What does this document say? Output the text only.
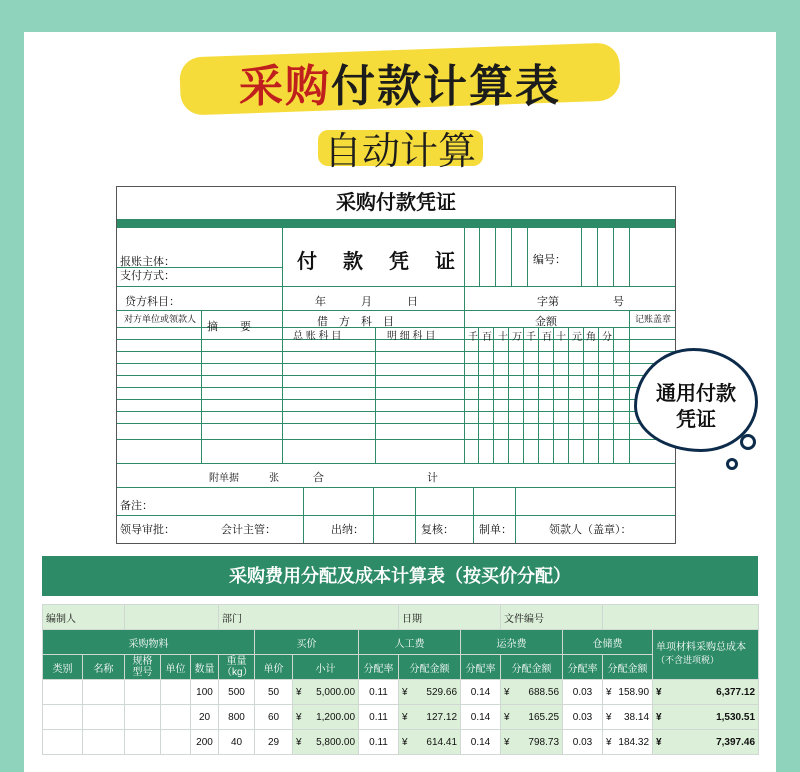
采购付款计算表
自动计算
采购付款凭证
报账主体：
支付方式：
付款凭证	编号：
贷方科目：	年	月	日	字第	号
对方单位或领款人
摘　　要	借　方　科　目
总 账 科 目	明 细 科 目
金额	记账盖章
千 百 十 万 千 百 十 元 角 分
附单据	张	合	计
备注：
领导审批：	会计主管：	出纳：	复核： 制单：	领款人（盖章）：
通用付款
凭证
采购费用分配及成本计算表（按买价分配）
编制人					部门				日期		文件编号			
采购物料						买价		人工费		运杂费		仓储费		单项材料采购总成本（不含进项税）
类别	名称	规格型号	单位	数量	重量（kg）	单价	小计	分配率	分配金额	分配率	分配金额	分配率	分配金额	
				100	500	50	¥ 5,000.00	0.11	¥ 529.66	0.14	¥ 688.56	0.03	¥ 158.90	¥ 6,377.12
				20	800	60	¥ 1,200.00	0.11	¥ 127.12	0.14	¥ 165.25	0.03	¥ 38.14	¥ 1,530.51
				200	40	29	¥ 5,800.00	0.11	¥ 614.41	0.14	¥ 798.73	0.03	¥ 184.32	¥ 7,397.46
